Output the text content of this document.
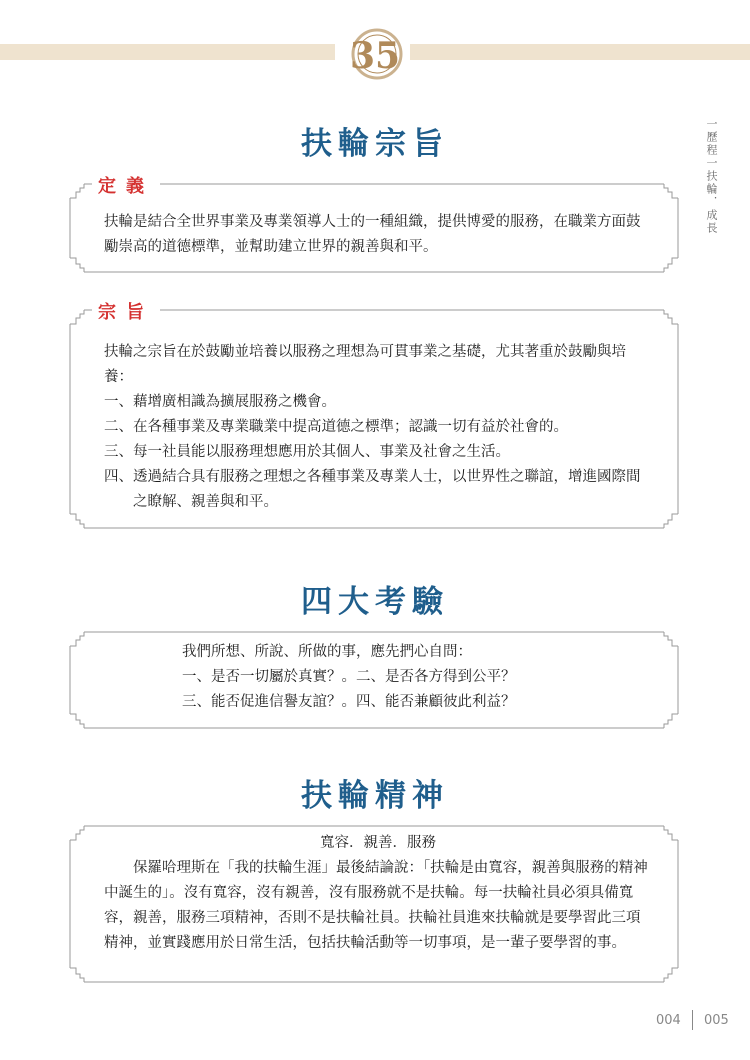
35
一歷程一扶輪．成長
扶輪宗旨
定義

扶輪是結合全世界事業及專業領導人士的一種組織，提供博愛的服務，在職業方面鼓勵崇高的道德標準，並幫助建立世界的親善與和平。

宗旨

扶輪之宗旨在於鼓勵並培養以服務之理想為可貫事業之基礎，尤其著重於鼓勵與培養：

一、 藉增廣相識為擴展服務之機會。
二、 在各種事業及專業職業中提高道德之標準；認識一切有益於社會的。
三、 每一社員能以服務理想應用於其個人、事業及社會之生活。
四、 透過結合具有服務之理想之各種事業及專業人士，以世界性之聯誼，增進國際間之瞭解、親善與和平。
四大考驗

我們所想、所說、所做的事，應先捫心自問：

一、是否一切屬於真實？。二、是否各方得到公平？

三、能否促進信譽友誼？。四、能否兼顧彼此利益？

扶輪精神

寬容．親善．服務

保羅哈理斯在「我的扶輪生涯」最後結論說：「扶輪是由寬容，親善與服務的精神中誕生的」。沒有寬容，沒有親善，沒有服務就不是扶輪。每一扶輪社員必須具備寬容，親善，服務三項精神，否則不是扶輪社員。扶輪社員進來扶輪就是要學習此三項精神，並實踐應用於日常生活，包括扶輪活動等一切事項，是一輩子要學習的事。

004 005
